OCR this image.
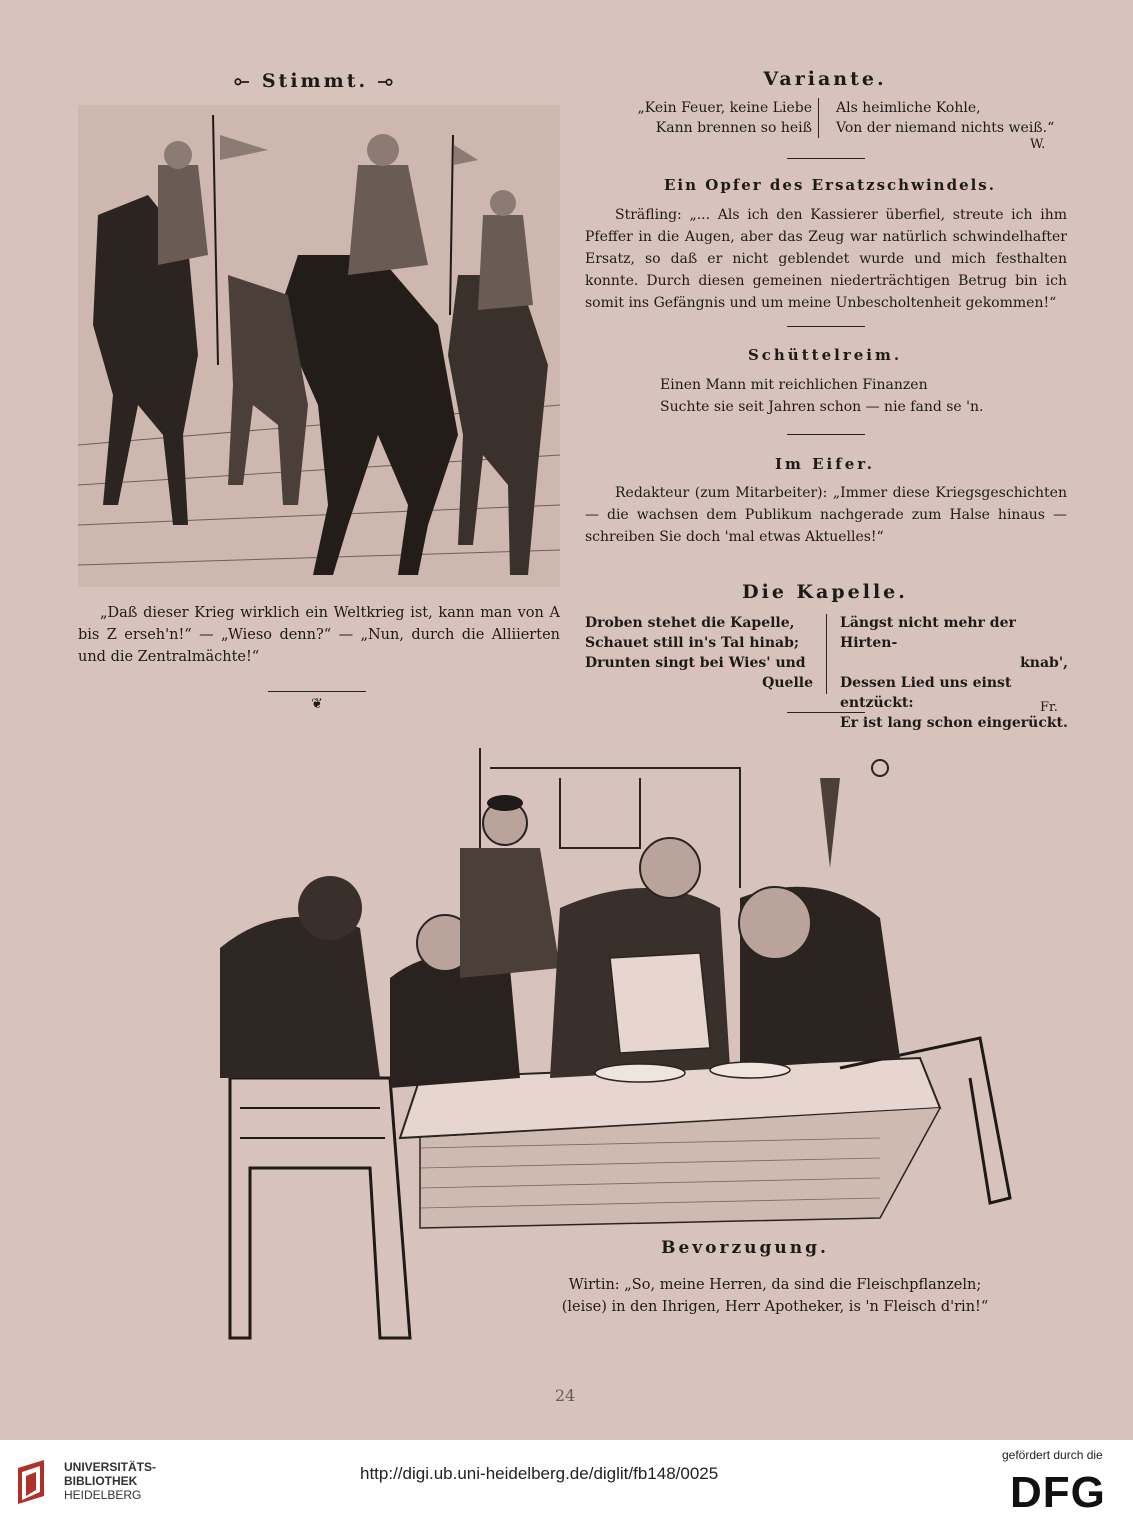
⟜ Stimmt. ⊸
„Daß dieser Krieg wirklich ein Weltkrieg ist, kann man von A bis Z erseh'n!“ — „Wieso denn?“ — „Nun, durch die Alliierten und die Zentralmächte!“
❦
Variante.
„Kein Feuer, keine Liebe
Kann brennen so heiß
Als heimliche Kohle,
Von der niemand nichts weiß.“
W.
Ein Opfer des Ersatzschwindels.
Sträfling: „... Als ich den Kassierer überfiel, streute ich ihm Pfeffer in die Augen, aber das Zeug war natürlich schwindelhafter Ersatz, so daß er nicht geblendet wurde und mich festhalten konnte. Durch diesen gemeinen niederträchtigen Betrug bin ich somit ins Gefängnis und um meine Unbescholtenheit gekommen!“
Schüttelreim.
Einen Mann mit reichlichen Finanzen
Suchte sie seit Jahren schon — nie fand se 'n.
Im Eifer.
Redakteur (zum Mitarbeiter): „Immer diese Kriegsgeschichten — die wachsen dem Publikum nachgerade zum Halse hinaus — schreiben Sie doch 'mal etwas Aktuelles!“
Die Kapelle.
Droben stehet die Kapelle,
Schauet still in's Tal hinab;
Drunten singt bei Wies' und
Quelle
Längst nicht mehr der Hirten-
knab',
Dessen Lied uns einst entzückt:
Er ist lang schon eingerückt.
Fr.
Bevorzugung.
Wirtin: „So, meine Herren, da sind die Fleischpflanzeln;
(leise) in den Ihrigen, Herr Apotheker, is 'n Fleisch d'rin!“
24
UNIVERSITÄTS-
BIBLIOTHEK
HEIDELBERG
http://digi.ub.uni-heidelberg.de/diglit/fb148/0025
gefördert durch die
DFG
